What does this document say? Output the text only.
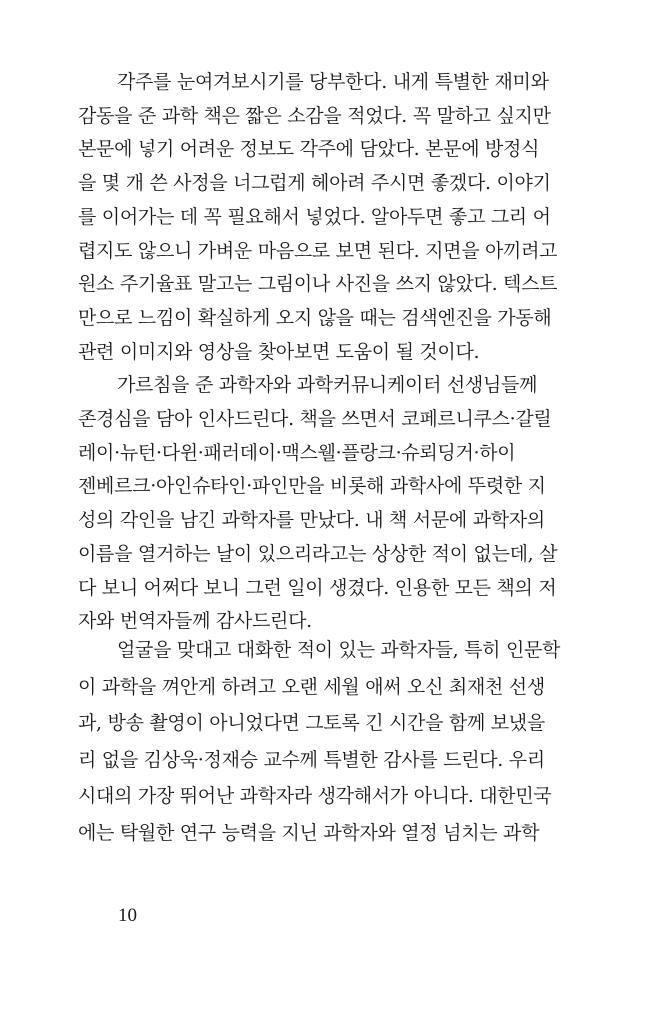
각주를 눈여겨보시기를 당부한다. 내게 특별한 재미와
감동을 준 과학 책은 짧은 소감을 적었다. 꼭 말하고 싶지만
본문에 넣기 어려운 정보도 각주에 담았다. 본문에 방정식
을 몇 개 쓴 사정을 너그럽게 헤아려 주시면 좋겠다. 이야기
를 이어가는 데 꼭 필요해서 넣었다. 알아두면 좋고 그리 어
렵지도 않으니 가벼운 마음으로 보면 된다. 지면을 아끼려고
원소 주기율표 말고는 그림이나 사진을 쓰지 않았다. 텍스트
만으로 느낌이 확실하게 오지 않을 때는 검색엔진을 가동해
관련 이미지와 영상을 찾아보면 도움이 될 것이다.
가르침을 준 과학자와 과학커뮤니케이터 선생님들께
존경심을 담아 인사드린다. 책을 쓰면서 코페르니쿠스·갈릴
레이·뉴턴·다윈·패러데이·맥스웰·플랑크·슈뢰딩거·하이
젠베르크·아인슈타인·파인만을 비롯해 과학사에 뚜렷한 지
성의 각인을 남긴 과학자를 만났다. 내 책 서문에 과학자의
이름을 열거하는 날이 있으리라고는 상상한 적이 없는데, 살
다 보니 어쩌다 보니 그런 일이 생겼다. 인용한 모든 책의 저
자와 번역자들께 감사드린다.
얼굴을 맞대고 대화한 적이 있는 과학자들, 특히 인문학
이 과학을 껴안게 하려고 오랜 세월 애써 오신 최재천 선생
과, 방송 촬영이 아니었다면 그토록 긴 시간을 함께 보냈을
리 없을 김상욱·정재승 교수께 특별한 감사를 드린다. 우리
시대의 가장 뛰어난 과학자라 생각해서가 아니다. 대한민국
10
에는 탁월한 연구 능력을 지닌 과학자와 열정 넘치는 과학
